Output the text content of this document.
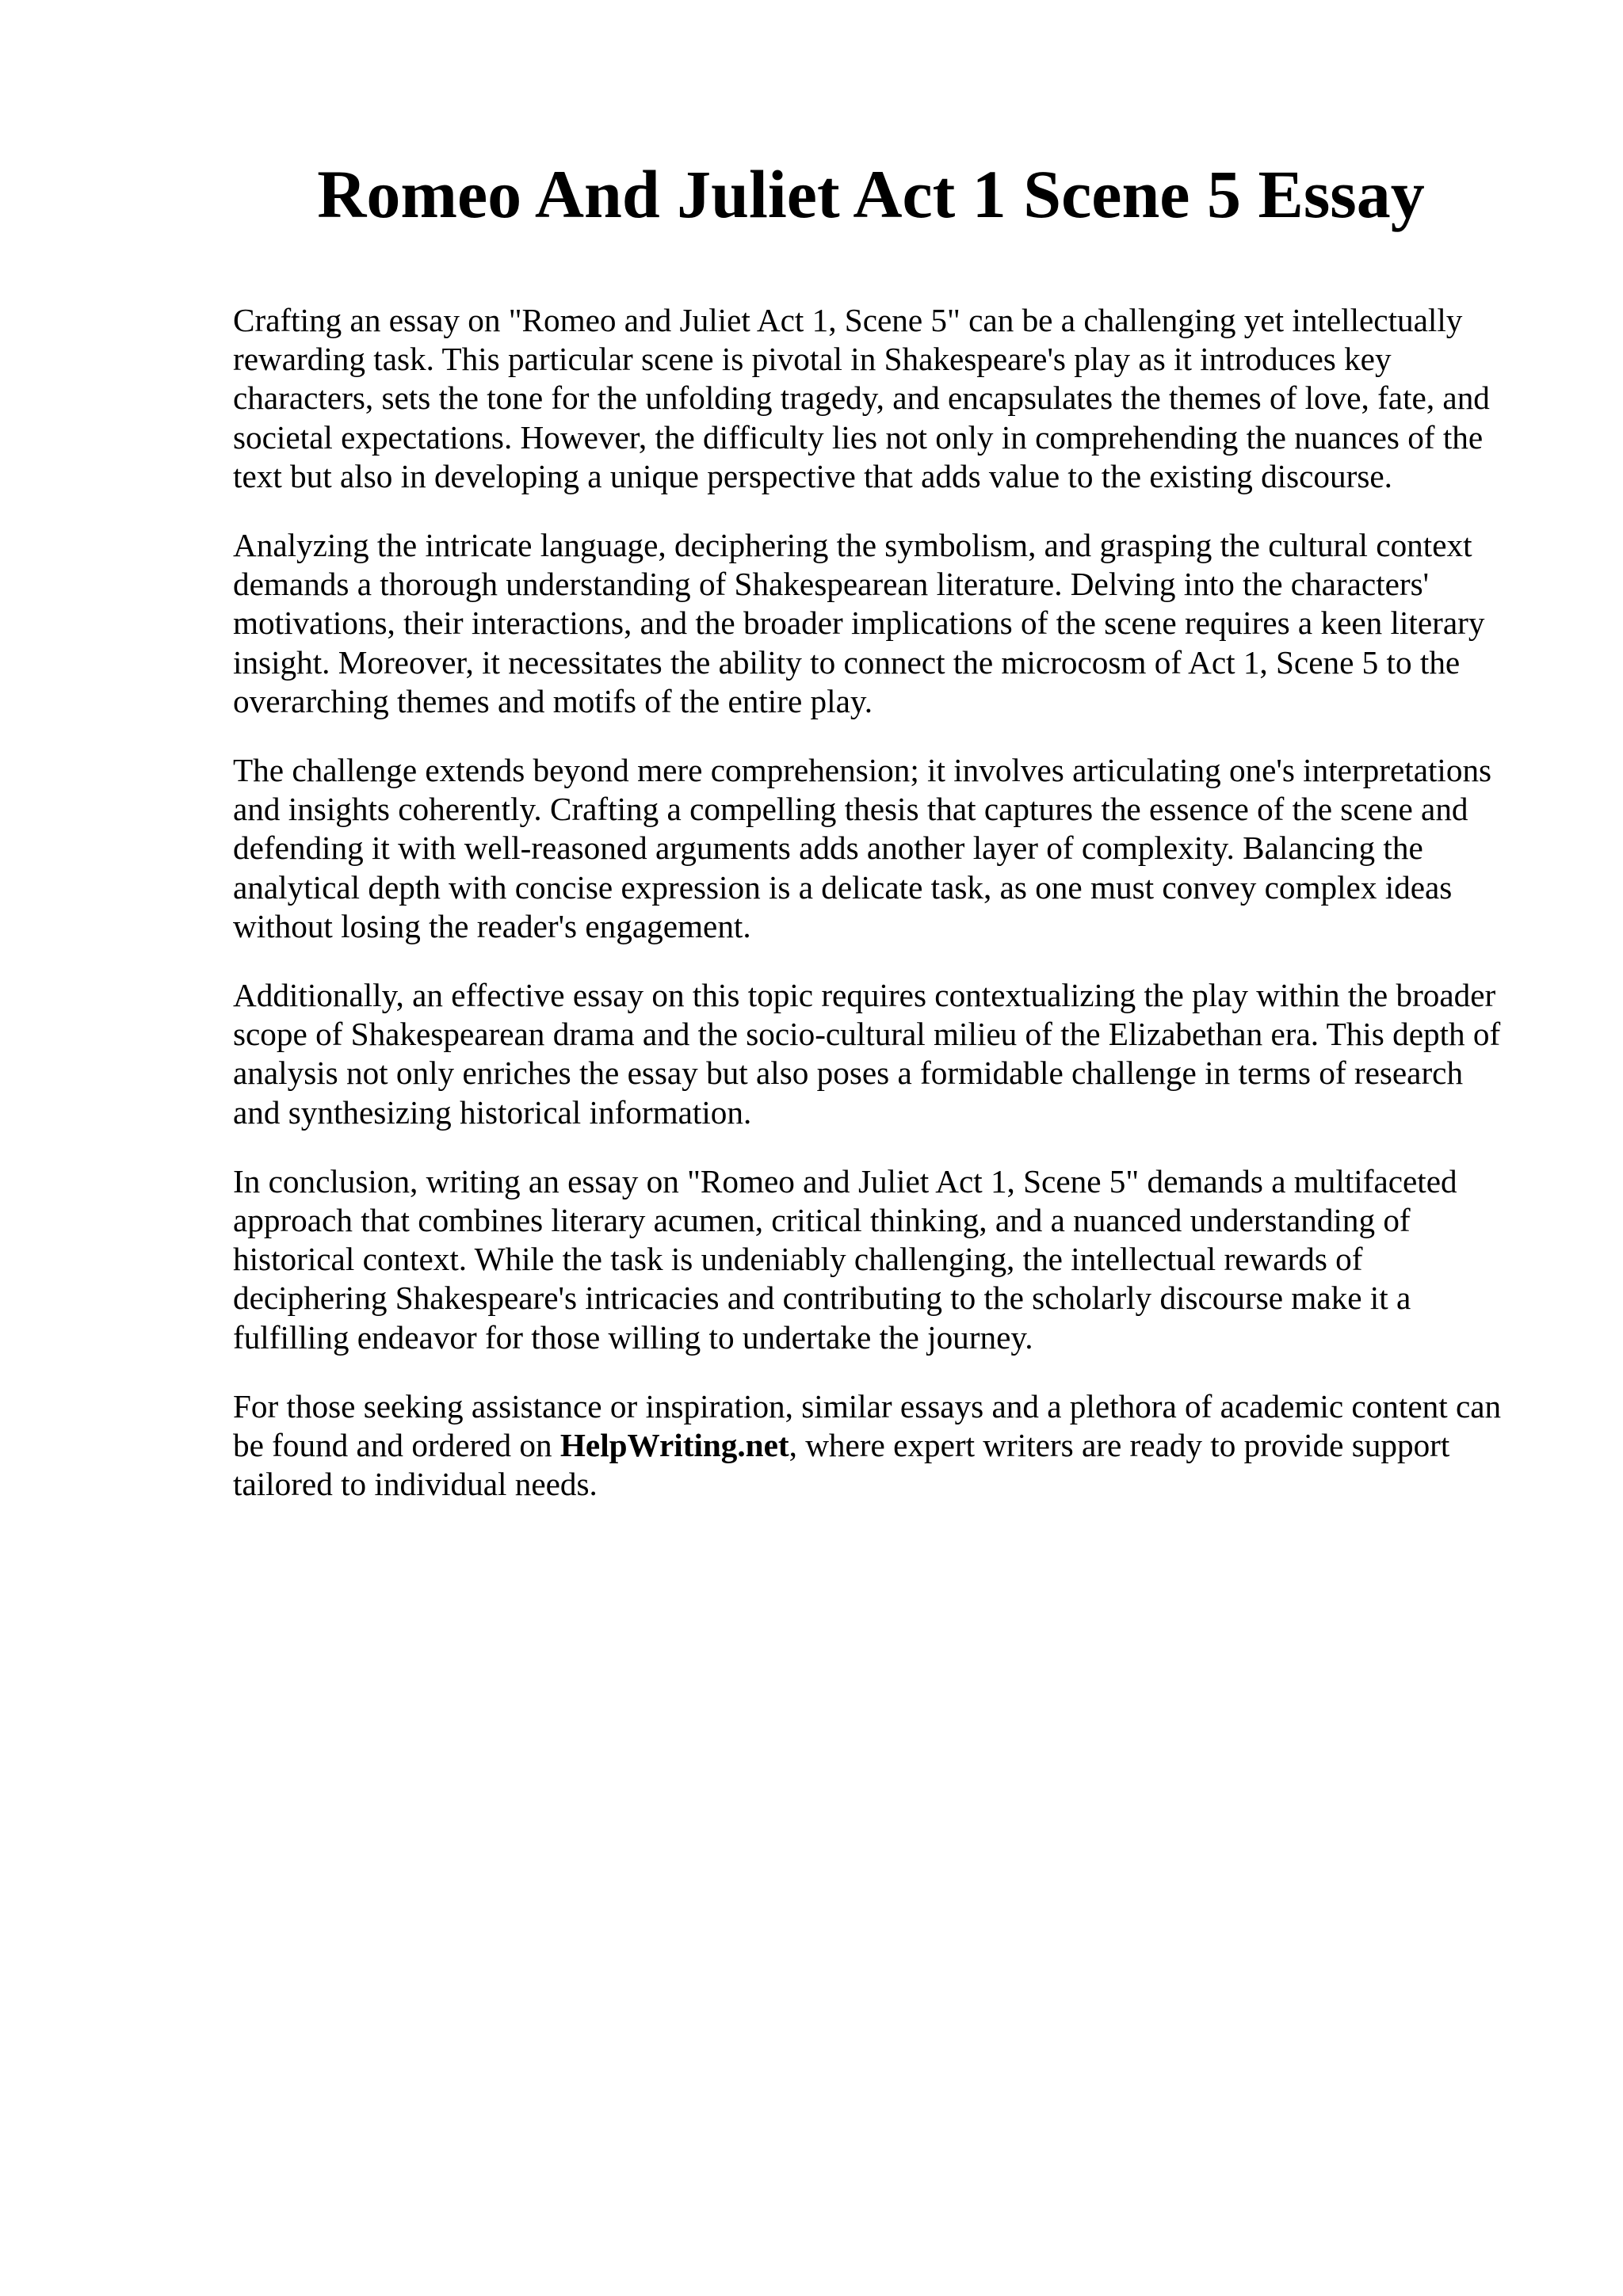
Romeo And Juliet Act 1 Scene 5 Essay

Crafting an essay on "Romeo and Juliet Act 1, Scene 5" can be a challenging yet intellectually
rewarding task. This particular scene is pivotal in Shakespeare's play as it introduces key
characters, sets the tone for the unfolding tragedy, and encapsulates the themes of love, fate, and
societal expectations. However, the difficulty lies not only in comprehending the nuances of the
text but also in developing a unique perspective that adds value to the existing discourse.

Analyzing the intricate language, deciphering the symbolism, and grasping the cultural context
demands a thorough understanding of Shakespearean literature. Delving into the characters'
motivations, their interactions, and the broader implications of the scene requires a keen literary
insight. Moreover, it necessitates the ability to connect the microcosm of Act 1, Scene 5 to the
overarching themes and motifs of the entire play.

The challenge extends beyond mere comprehension; it involves articulating one's interpretations
and insights coherently. Crafting a compelling thesis that captures the essence of the scene and
defending it with well-reasoned arguments adds another layer of complexity. Balancing the
analytical depth with concise expression is a delicate task, as one must convey complex ideas
without losing the reader's engagement.

Additionally, an effective essay on this topic requires contextualizing the play within the broader
scope of Shakespearean drama and the socio-cultural milieu of the Elizabethan era. This depth of
analysis not only enriches the essay but also poses a formidable challenge in terms of research
and synthesizing historical information.

In conclusion, writing an essay on "Romeo and Juliet Act 1, Scene 5" demands a multifaceted
approach that combines literary acumen, critical thinking, and a nuanced understanding of
historical context. While the task is undeniably challenging, the intellectual rewards of
deciphering Shakespeare's intricacies and contributing to the scholarly discourse make it a
fulfilling endeavor for those willing to undertake the journey.

For those seeking assistance or inspiration, similar essays and a plethora of academic content can
be found and ordered on HelpWriting.net, where expert writers are ready to provide support
tailored to individual needs.
